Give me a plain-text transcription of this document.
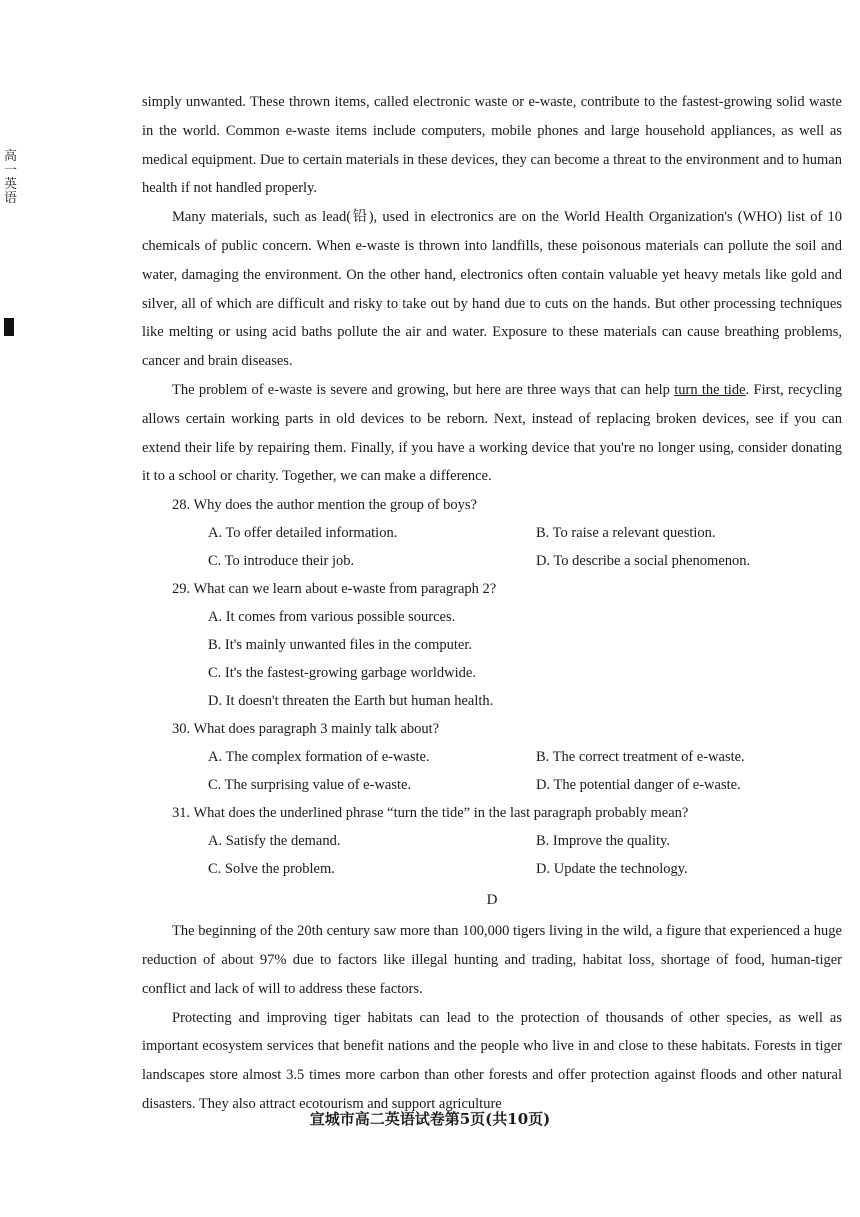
高一英语

simply unwanted. These thrown items, called electronic waste or e-waste, contribute to the fastest-growing solid waste in the world. Common e-waste items include computers, mobile phones and large household appliances, as well as medical equipment. Due to certain materials in these devices, they can become a threat to the environment and to human health if not handled properly.

Many materials, such as lead(铅), used in electronics are on the World Health Organization's (WHO) list of 10 chemicals of public concern. When e-waste is thrown into landfills, these poisonous materials can pollute the soil and water, damaging the environment. On the other hand, electronics often contain valuable yet heavy metals like gold and silver, all of which are difficult and risky to take out by hand due to cuts on the hands. But other processing techniques like melting or using acid baths pollute the air and water. Exposure to these materials can cause breathing problems, cancer and brain diseases.

The problem of e-waste is severe and growing, but here are three ways that can help turn the tide. First, recycling allows certain working parts in old devices to be reborn. Next, instead of replacing broken devices, see if you can extend their life by repairing them. Finally, if you have a working device that you're no longer using, consider donating it to a school or charity. Together, we can make a difference.

28. Why does the author mention the group of boys?

A. To offer detailed information.	B. To raise a relevant question.
C. To introduce their job.	D. To describe a social phenomenon.

29. What can we learn about e-waste from paragraph 2?

A. It comes from various possible sources.
B. It's mainly unwanted files in the computer.
C. It's the fastest-growing garbage worldwide.
D. It doesn't threaten the Earth but human health.

30. What does paragraph 3 mainly talk about?

A. The complex formation of e-waste.	B. The correct treatment of e-waste.
C. The surprising value of e-waste.	D. The potential danger of e-waste.

31. What does the underlined phrase “turn the tide” in the last paragraph probably mean?

A. Satisfy the demand.	B. Improve the quality.
C. Solve the problem.	D. Update the technology.

D

The beginning of the 20th century saw more than 100,000 tigers living in the wild, a figure that experienced a huge reduction of about 97% due to factors like illegal hunting and trading, habitat loss, shortage of food, human-tiger conflict and lack of will to address these factors.

Protecting and improving tiger habitats can lead to the protection of thousands of other species, as well as important ecosystem services that benefit nations and the people who live in and close to these habitats. Forests in tiger landscapes store almost 3.5 times more carbon than other forests and offer protection against floods and other natural disasters. They also attract ecotourism and support agriculture

宣城市高二英语试卷第5页(共10页)
